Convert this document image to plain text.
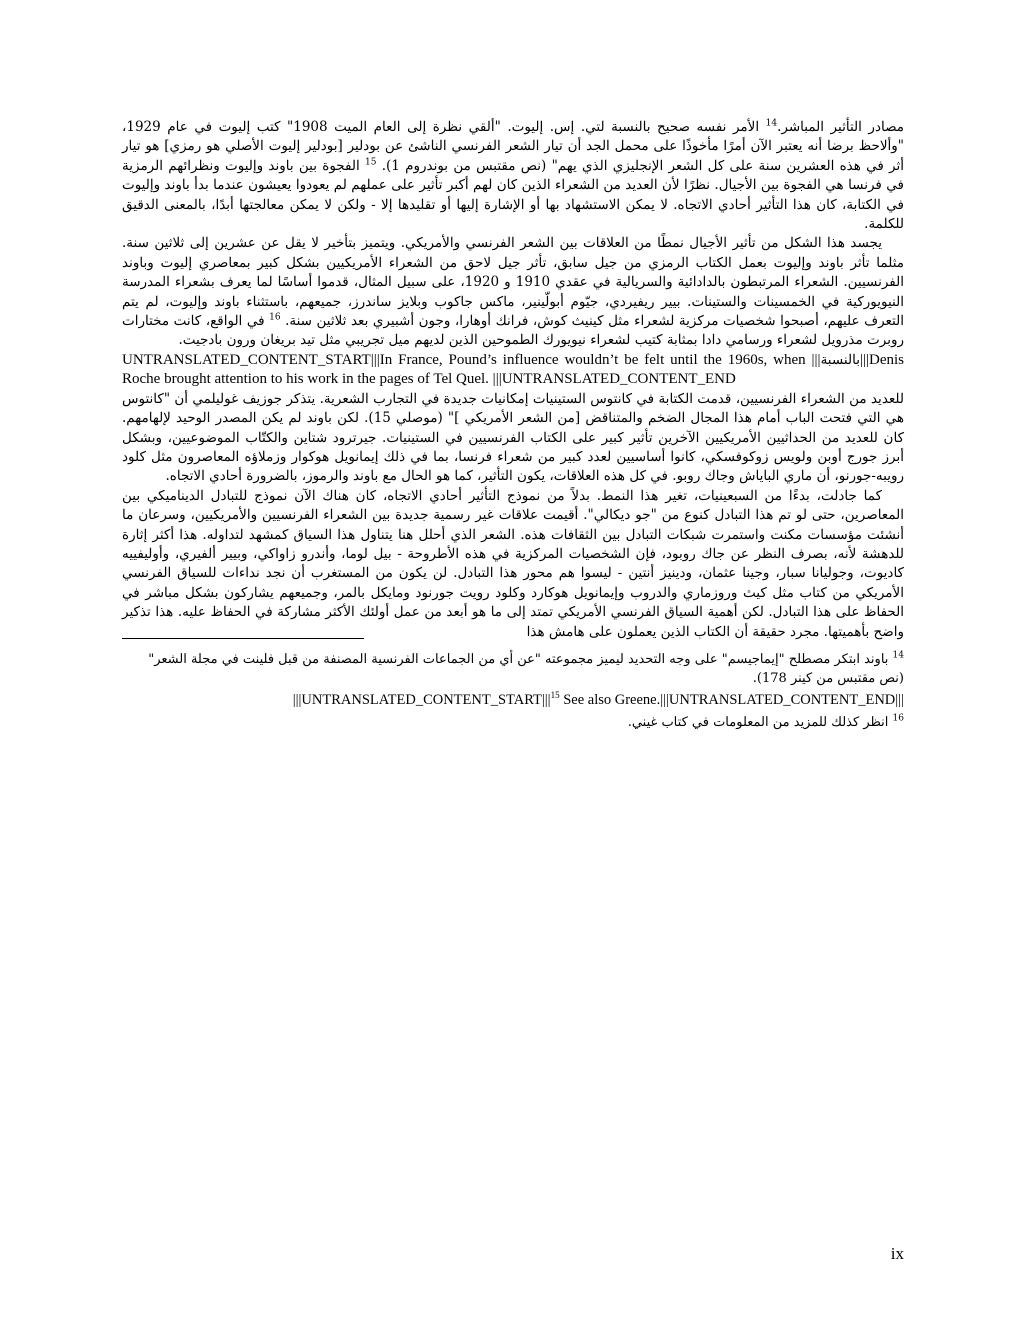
مصادر التأثير المباشر.$^{14}$ الأمر نفسه صحيح بالنسبة لتي. إس. إليوت. "ألقي نظرة إلى العام الميت 1908" كتب إليوت في عام 1929، "وألاحظ برضا أنه يعتبر الآن أمرًا مأخوذًا على محمل الجد أن تيار الشعر الفرنسي الناشئ عن بودلير [بودلير إليوت الأصلي هو رمزي] هو تيار أثر في هذه العشرين سنة على كل الشعر الإنجليزي الذي يهم" (نص مقتبس من بوندروم 1). $^{15}$ الفجوة بين باوند وإليوت ونظرائهم الرمزية في فرنسا هي الفجوة بين الأجيال. نظرًا لأن العديد من الشعراء الذين كان لهم أكبر تأثير على عملهم لم يعودوا يعيشون عندما بدأ باوند وإليوت في الكتابة، كان هذا التأثير أحادي الاتجاه. لا يمكن الاستشهاد بها أو الإشارة إليها أو تقليدها إلا - ولكن لا يمكن معالجتها أبدًا، بالمعنى الدقيق للكلمة.

يجسد هذا الشكل من تأثير الأجيال نمطًا من العلاقات بين الشعر الفرنسي والأمريكي. ويتميز بتأخير لا يقل عن عشرين إلى ثلاثين سنة. مثلما تأثر باوند وإليوت بعمل الكتاب الرمزي من جيل سابق، تأثر جيل لاحق من الشعراء الأمريكيين بشكل كبير بمعاصري إليوت وباوند الفرنسيين. الشعراء المرتبطون بالدادائية والسريالية في عقدي 1910 و 1920، على سبيل المثال، قدموا أساسًا لما يعرف بشعراء المدرسة النيويوركية في الخمسينات والستينات. بيير ريفيردي، جيّوم أبولّينير، ماكس جاكوب وبلايز ساندرز، جميعهم، باستثناء باوند وإليوت، لم يتم التعرف عليهم، أصبحوا شخصيات مركزية لشعراء مثل كينيث كوش، فرانك أوهارا، وجون أشبيري بعد ثلاثين سنة. $^{16}$ في الواقع، كانت مختارات روبرت مذرويل لشعراء ورسامي دادا بمثابة كتيب لشعراء نيويورك الطموحين الذين لديهم ميل تجريبي مثل تيد بريغان ورون بادجيت.

UNTRANSLATED_CONTENT_START|||In France, Pound’s influence wouldn’t be felt until the 1960s, when |||بالنسبة|||Denis Roche brought attention to his work in the pages of Tel Quel. |||UNTRANSLATED_CONTENT_END

للعديد من الشعراء الفرنسيين، قدمت الكتابة في كانتوس الستينيات إمكانيات جديدة في التجارب الشعرية. يتذكر جوزيف غوليلمي أن "كانتوس هي التي فتحت الباب أمام هذا المجال الضخم والمتناقض [من الشعر الأمريكي ]" (موصلي 15). لكن باوند لم يكن المصدر الوحيد لإلهامهم. كان للعديد من الحداثيين الأمريكيين الآخرين تأثير كبير على الكتاب الفرنسيين في الستينيات. جيرترود شتاين والكتّاب الموضوعيين، وبشكل أبرز جورج أوبن ولويس زوكوفسكي، كانوا أساسيين لعدد كبير من شعراء فرنسا، بما في ذلك إيمانويل هوكوار وزملاؤه المعاصرون مثل كلود رويبه-جورنو، أن ماري الباياش وجاك روبو. في كل هذه العلاقات، يكون التأثير، كما هو الحال مع باوند والرموز، بالضرورة أحادي الاتجاه.

كما جادلت، بدءًا من السبعينيات، تغير هذا النمط. بدلاً من نموذج التأثير أحادي الاتجاه، كان هناك الآن نموذج للتبادل الديناميكي بين المعاصرين، حتى لو تم هذا التبادل كنوع من "جو ديكالي". أقيمت علاقات غير رسمية جديدة بين الشعراء الفرنسيين والأمريكيين، وسرعان ما أنشئت مؤسسات مكنت واستمرت شبكات التبادل بين الثقافات هذه. الشعر الذي أحلل هنا يتناول هذا السياق كمشهد لتداوله. هذا أكثر إثارة للدهشة لأنه، بصرف النظر عن جاك روبود، فإن الشخصيات المركزية في هذه الأطروحة - بيل لوما، وأندرو زاواكي، وبيير ألفيري، وأوليفييه كاديوت، وجوليانا سبار، وجينا عثمان، ودينيز أنتين - ليسوا هم محور هذا التبادل. لن يكون من المستغرب أن نجد نداءات للسياق الفرنسي الأمريكي من كتاب مثل كيث وروزماري والدروب وإيمانويل هوكارد وكلود رويت جورنود ومايكل بالمر، وجميعهم يشاركون بشكل مباشر في الحفاظ على هذا التبادل. لكن أهمية السياق الفرنسي الأمريكي تمتد إلى ما هو أبعد من عمل أولئك الأكثر مشاركة في الحفاظ عليه. هذا تذكير واضح بأهميتها. مجرد حقيقة أن الكتاب الذين يعملون على هامش هذا

$^{14}$ باوند ابتكر مصطلح "إيماجيسم" على وجه التحديد ليميز مجموعته "عن أي من الجماعات الفرنسية المصنفة من قبل فلينت في مجلة الشعر" (نص مقتبس من كينر 178).

|||UNTRANSLATED_CONTENT_START|||$^{15}$ See also Greene.|||UNTRANSLATED_CONTENT_END|||

$^{16}$ انظر كذلك للمزيد من المعلومات في كتاب غيني.

ix
